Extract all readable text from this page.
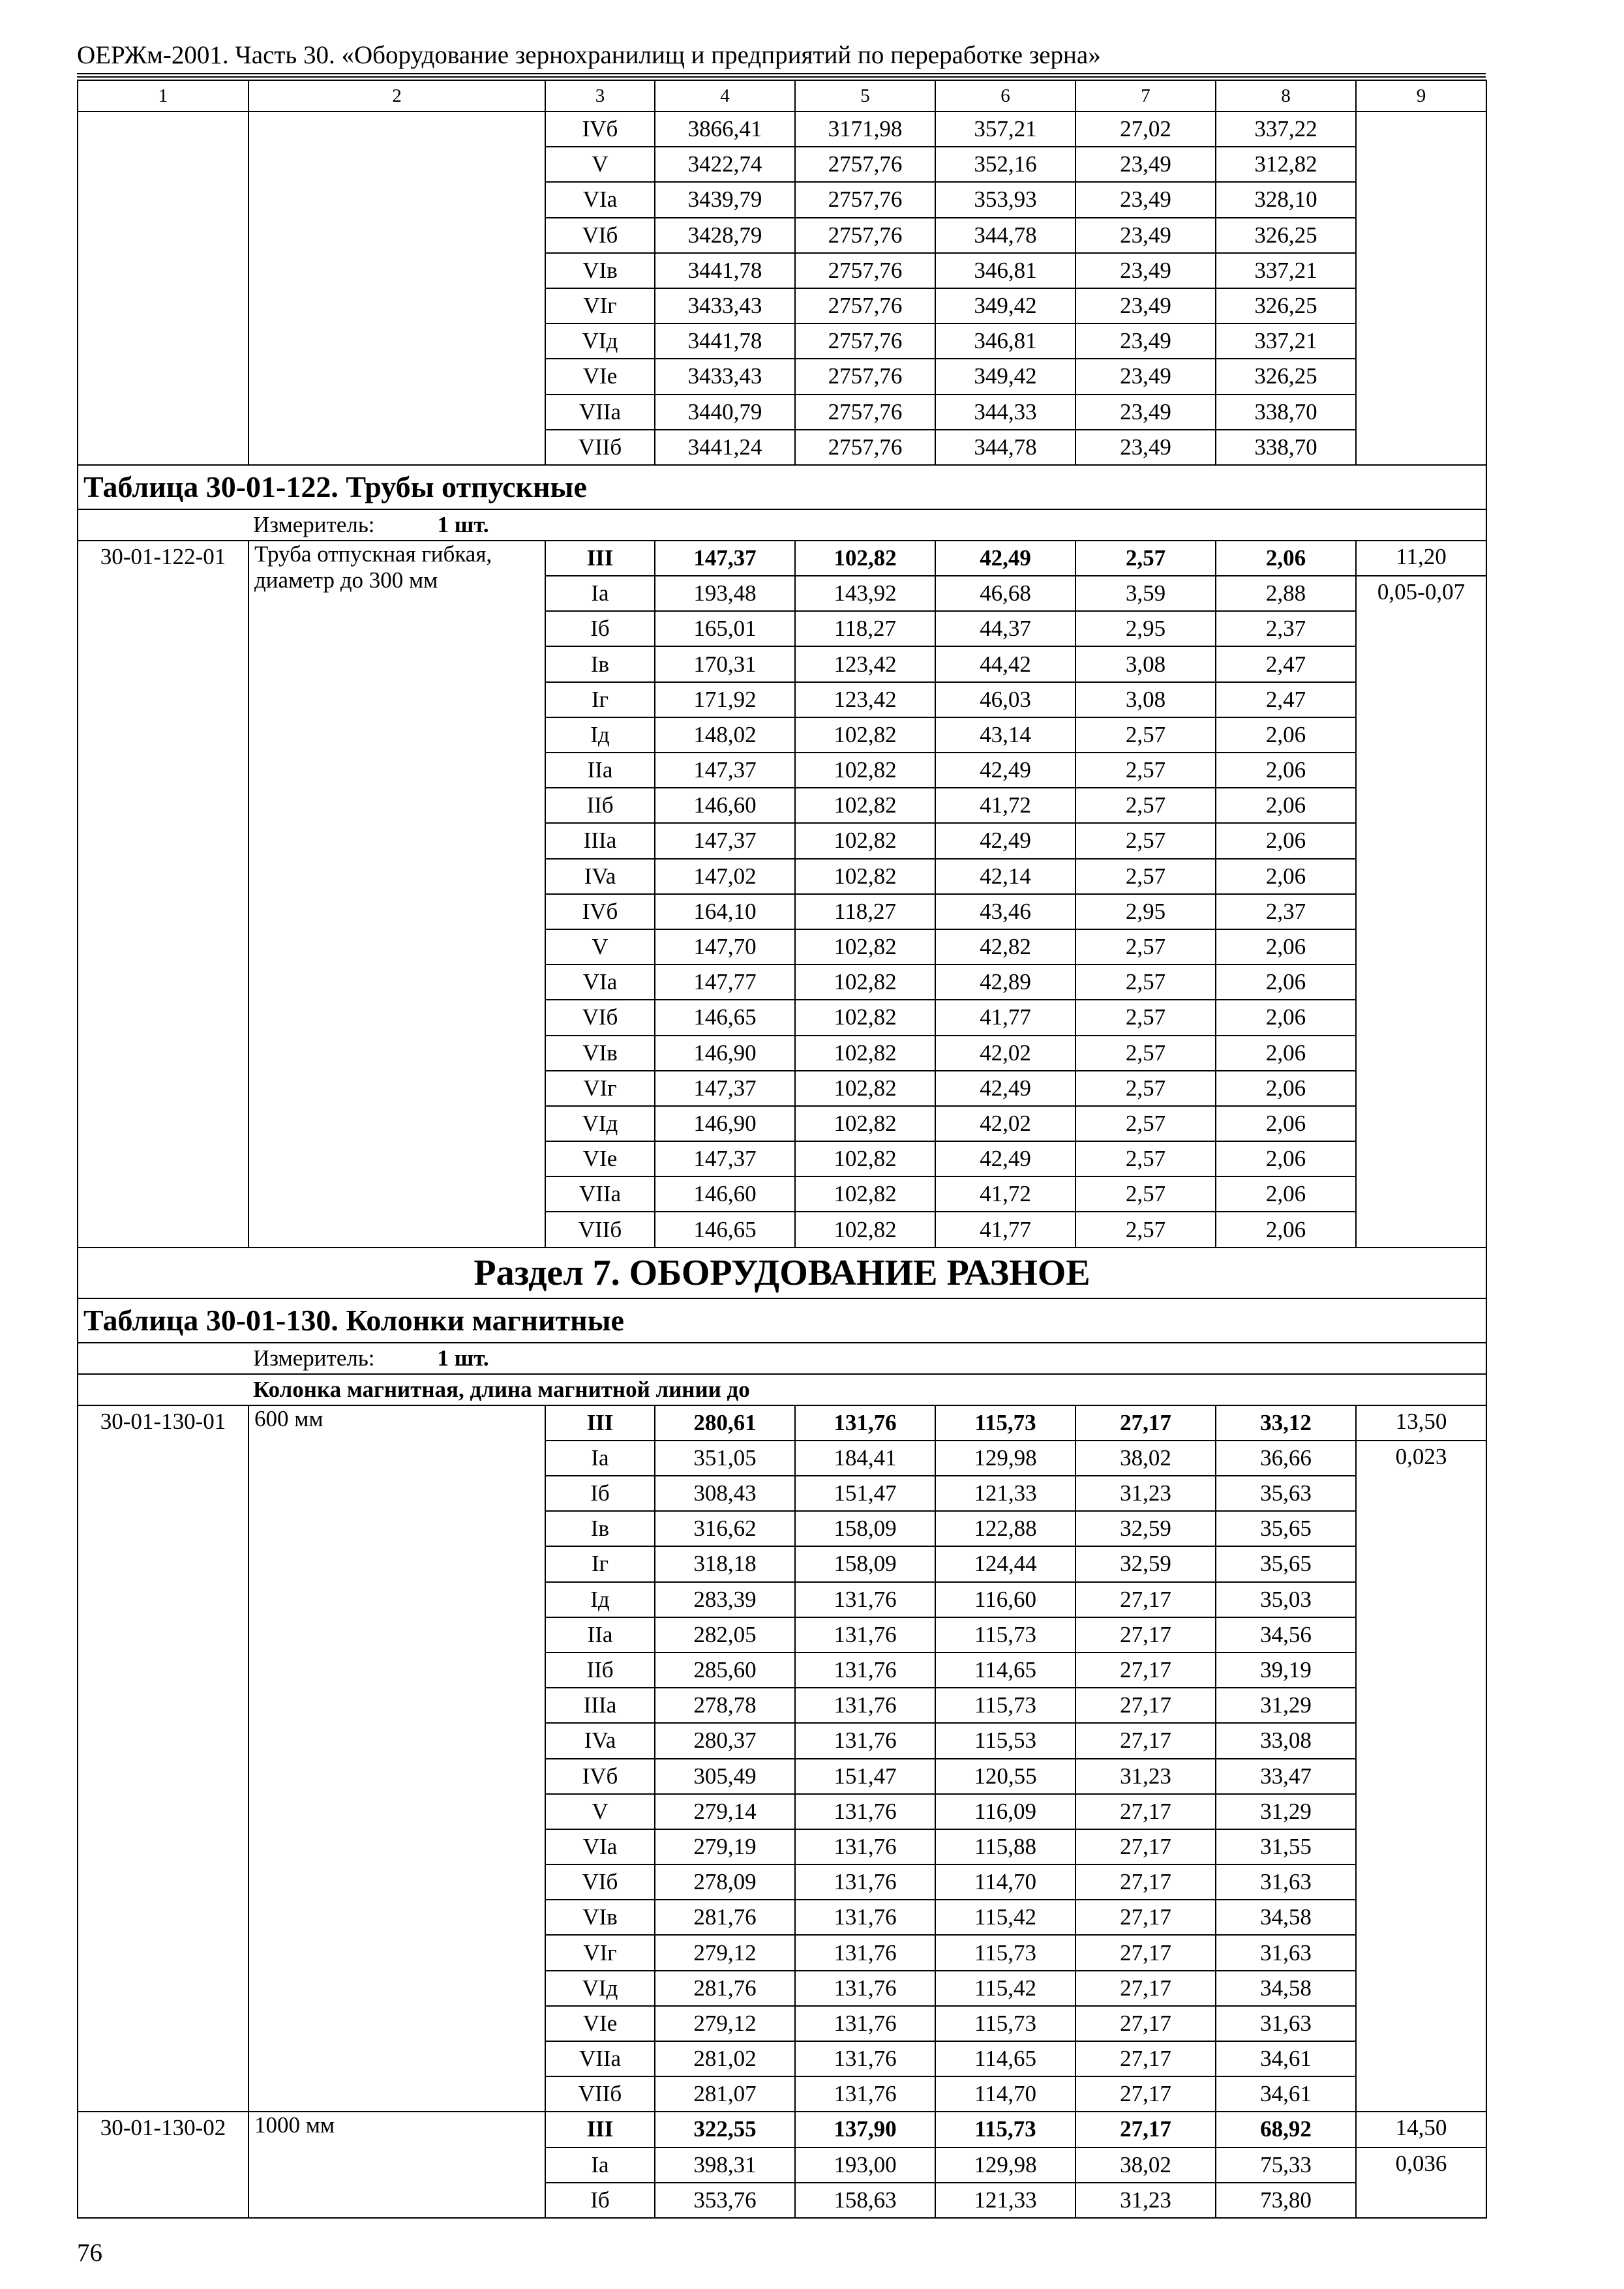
ОЕРЖм-2001. Часть 30. «Оборудование зернохранилищ и предприятий по переработке зерна»
1	2	3	4	5	6	7	8	9
		IVб	3866,41	3171,98	357,21	27,02	337,22	
		V	3422,74	2757,76	352,16	23,49	312,82	
		VIa	3439,79	2757,76	353,93	23,49	328,10	
		VIб	3428,79	2757,76	344,78	23,49	326,25	
		VIв	3441,78	2757,76	346,81	23,49	337,21	
		VIг	3433,43	2757,76	349,42	23,49	326,25	
		VIд	3441,78	2757,76	346,81	23,49	337,21	
		VIe	3433,43	2757,76	349,42	23,49	326,25	
		VIIa	3440,79	2757,76	344,33	23,49	338,70	
		VIIб	3441,24	2757,76	344,78	23,49	338,70	
Таблица 30-01-122. Трубы отпускные								
Измеритель: 1 шт.								
30-01-122-01	Труба отпускная гибкая, диаметр до 300 мм	III	147,37	102,82	42,49	2,57	2,06	11,20
		Ia	193,48	143,92	46,68	3,59	2,88	0,05-0,07
		Iб	165,01	118,27	44,37	2,95	2,37	
		Iв	170,31	123,42	44,42	3,08	2,47	
		Iг	171,92	123,42	46,03	3,08	2,47	
		Iд	148,02	102,82	43,14	2,57	2,06	
		IIa	147,37	102,82	42,49	2,57	2,06	
		IIб	146,60	102,82	41,72	2,57	2,06	
		IIIa	147,37	102,82	42,49	2,57	2,06	
		IVa	147,02	102,82	42,14	2,57	2,06	
		IVб	164,10	118,27	43,46	2,95	2,37	
		V	147,70	102,82	42,82	2,57	2,06	
		VIa	147,77	102,82	42,89	2,57	2,06	
		VIб	146,65	102,82	41,77	2,57	2,06	
		VIв	146,90	102,82	42,02	2,57	2,06	
		VIг	147,37	102,82	42,49	2,57	2,06	
		VIд	146,90	102,82	42,02	2,57	2,06	
		VIe	147,37	102,82	42,49	2,57	2,06	
		VIIa	146,60	102,82	41,72	2,57	2,06	
		VIIб	146,65	102,82	41,77	2,57	2,06	
Раздел 7. ОБОРУДОВАНИЕ РАЗНОЕ								
Таблица 30-01-130. Колонки магнитные								
Измеритель: 1 шт.								
Колонка магнитная, длина магнитной линии до								
30-01-130-01	600 мм	III	280,61	131,76	115,73	27,17	33,12	13,50
		Ia	351,05	184,41	129,98	38,02	36,66	0,023
		Iб	308,43	151,47	121,33	31,23	35,63	
		Iв	316,62	158,09	122,88	32,59	35,65	
		Iг	318,18	158,09	124,44	32,59	35,65	
		Iд	283,39	131,76	116,60	27,17	35,03	
		IIa	282,05	131,76	115,73	27,17	34,56	
		IIб	285,60	131,76	114,65	27,17	39,19	
		IIIa	278,78	131,76	115,73	27,17	31,29	
		IVa	280,37	131,76	115,53	27,17	33,08	
		IVб	305,49	151,47	120,55	31,23	33,47	
		V	279,14	131,76	116,09	27,17	31,29	
		VIa	279,19	131,76	115,88	27,17	31,55	
		VIб	278,09	131,76	114,70	27,17	31,63	
		VIв	281,76	131,76	115,42	27,17	34,58	
		VIг	279,12	131,76	115,73	27,17	31,63	
		VIд	281,76	131,76	115,42	27,17	34,58	
		VIe	279,12	131,76	115,73	27,17	31,63	
		VIIa	281,02	131,76	114,65	27,17	34,61	
		VIIб	281,07	131,76	114,70	27,17	34,61	
30-01-130-02	1000 мм	III	322,55	137,90	115,73	27,17	68,92	14,50
		Ia	398,31	193,00	129,98	38,02	75,33	0,036
		Iб	353,76	158,63	121,33	31,23	73,80	
76
